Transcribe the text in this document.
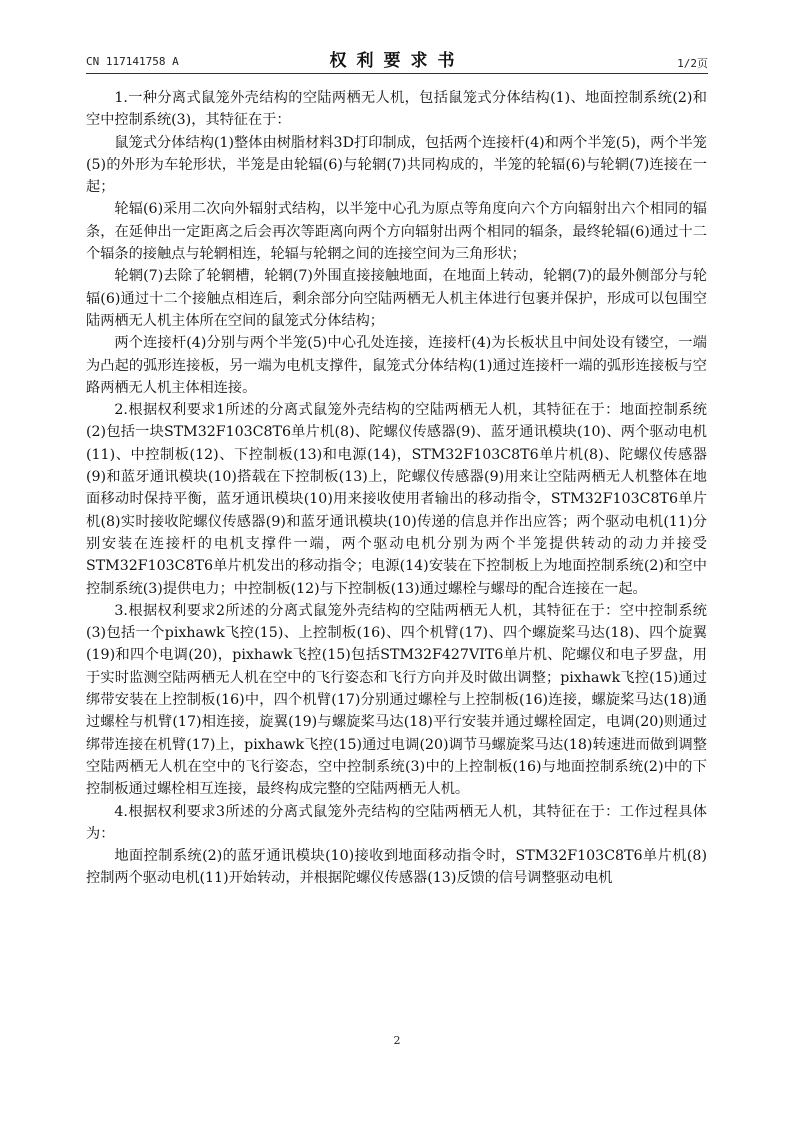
CN 117141758 A	权利要求书	1/2页

1.一种分离式鼠笼外壳结构的空陆两栖无人机，包括鼠笼式分体结构(1)、地面控制系统(2)和空中控制系统(3)，其特征在于：

鼠笼式分体结构(1)整体由树脂材料3D打印制成，包括两个连接杆(4)和两个半笼(5)，两个半笼(5)的外形为车轮形状，半笼是由轮辐(6)与轮辋(7)共同构成的，半笼的轮辐(6)与轮辋(7)连接在一起；

轮辐(6)采用二次向外辐射式结构，以半笼中心孔为原点等角度向六个方向辐射出六个相同的辐条，在延伸出一定距离之后会再次等距离向两个方向辐射出两个相同的辐条，最终轮辐(6)通过十二个辐条的接触点与轮辋相连，轮辐与轮辋之间的连接空间为三角形状；

轮辋(7)去除了轮辋槽，轮辋(7)外围直接接触地面，在地面上转动，轮辋(7)的最外侧部分与轮辐(6)通过十二个接触点相连后，剩余部分向空陆两栖无人机主体进行包裹并保护，形成可以包围空陆两栖无人机主体所在空间的鼠笼式分体结构；

两个连接杆(4)分别与两个半笼(5)中心孔处连接，连接杆(4)为长板状且中间处设有镂空，一端为凸起的弧形连接板，另一端为电机支撑件，鼠笼式分体结构(1)通过连接杆一端的弧形连接板与空路两栖无人机主体相连接。

2.根据权利要求1所述的分离式鼠笼外壳结构的空陆两栖无人机，其特征在于：地面控制系统(2)包括一块STM32F103C8T6单片机(8)、陀螺仪传感器(9)、蓝牙通讯模块(10)、两个驱动电机(11)、中控制板(12)、下控制板(13)和电源(14)，STM32F103C8T6单片机(8)、陀螺仪传感器(9)和蓝牙通讯模块(10)搭载在下控制板(13)上，陀螺仪传感器(9)用来让空陆两栖无人机整体在地面移动时保持平衡，蓝牙通讯模块(10)用来接收使用者输出的移动指令，STM32F103C8T6单片机(8)实时接收陀螺仪传感器(9)和蓝牙通讯模块(10)传递的信息并作出应答；两个驱动电机(11)分别安装在连接杆的电机支撑件一端，两个驱动电机分别为两个半笼提供转动的动力并接受STM32F103C8T6单片机发出的移动指令；电源(14)安装在下控制板上为地面控制系统(2)和空中控制系统(3)提供电力；中控制板(12)与下控制板(13)通过螺栓与螺母的配合连接在一起。

3.根据权利要求2所述的分离式鼠笼外壳结构的空陆两栖无人机，其特征在于：空中控制系统(3)包括一个pixhawk飞控(15)、上控制板(16)、四个机臂(17)、四个螺旋桨马达(18)、四个旋翼(19)和四个电调(20)，pixhawk飞控(15)包括STM32F427VIT6单片机、陀螺仪和电子罗盘，用于实时监测空陆两栖无人机在空中的飞行姿态和飞行方向并及时做出调整；pixhawk飞控(15)通过绑带安装在上控制板(16)中，四个机臂(17)分别通过螺栓与上控制板(16)连接，螺旋桨马达(18)通过螺栓与机臂(17)相连接，旋翼(19)与螺旋桨马达(18)平行安装并通过螺栓固定，电调(20)则通过绑带连接在机臂(17)上，pixhawk飞控(15)通过电调(20)调节马螺旋桨马达(18)转速进而做到调整空陆两栖无人机在空中的飞行姿态，空中控制系统(3)中的上控制板(16)与地面控制系统(2)中的下控制板通过螺栓相互连接，最终构成完整的空陆两栖无人机。

4.根据权利要求3所述的分离式鼠笼外壳结构的空陆两栖无人机，其特征在于：工作过程具体为：

地面控制系统(2)的蓝牙通讯模块(10)接收到地面移动指令时，STM32F103C8T6单片机(8)控制两个驱动电机(11)开始转动，并根据陀螺仪传感器(13)反馈的信号调整驱动电机

2
